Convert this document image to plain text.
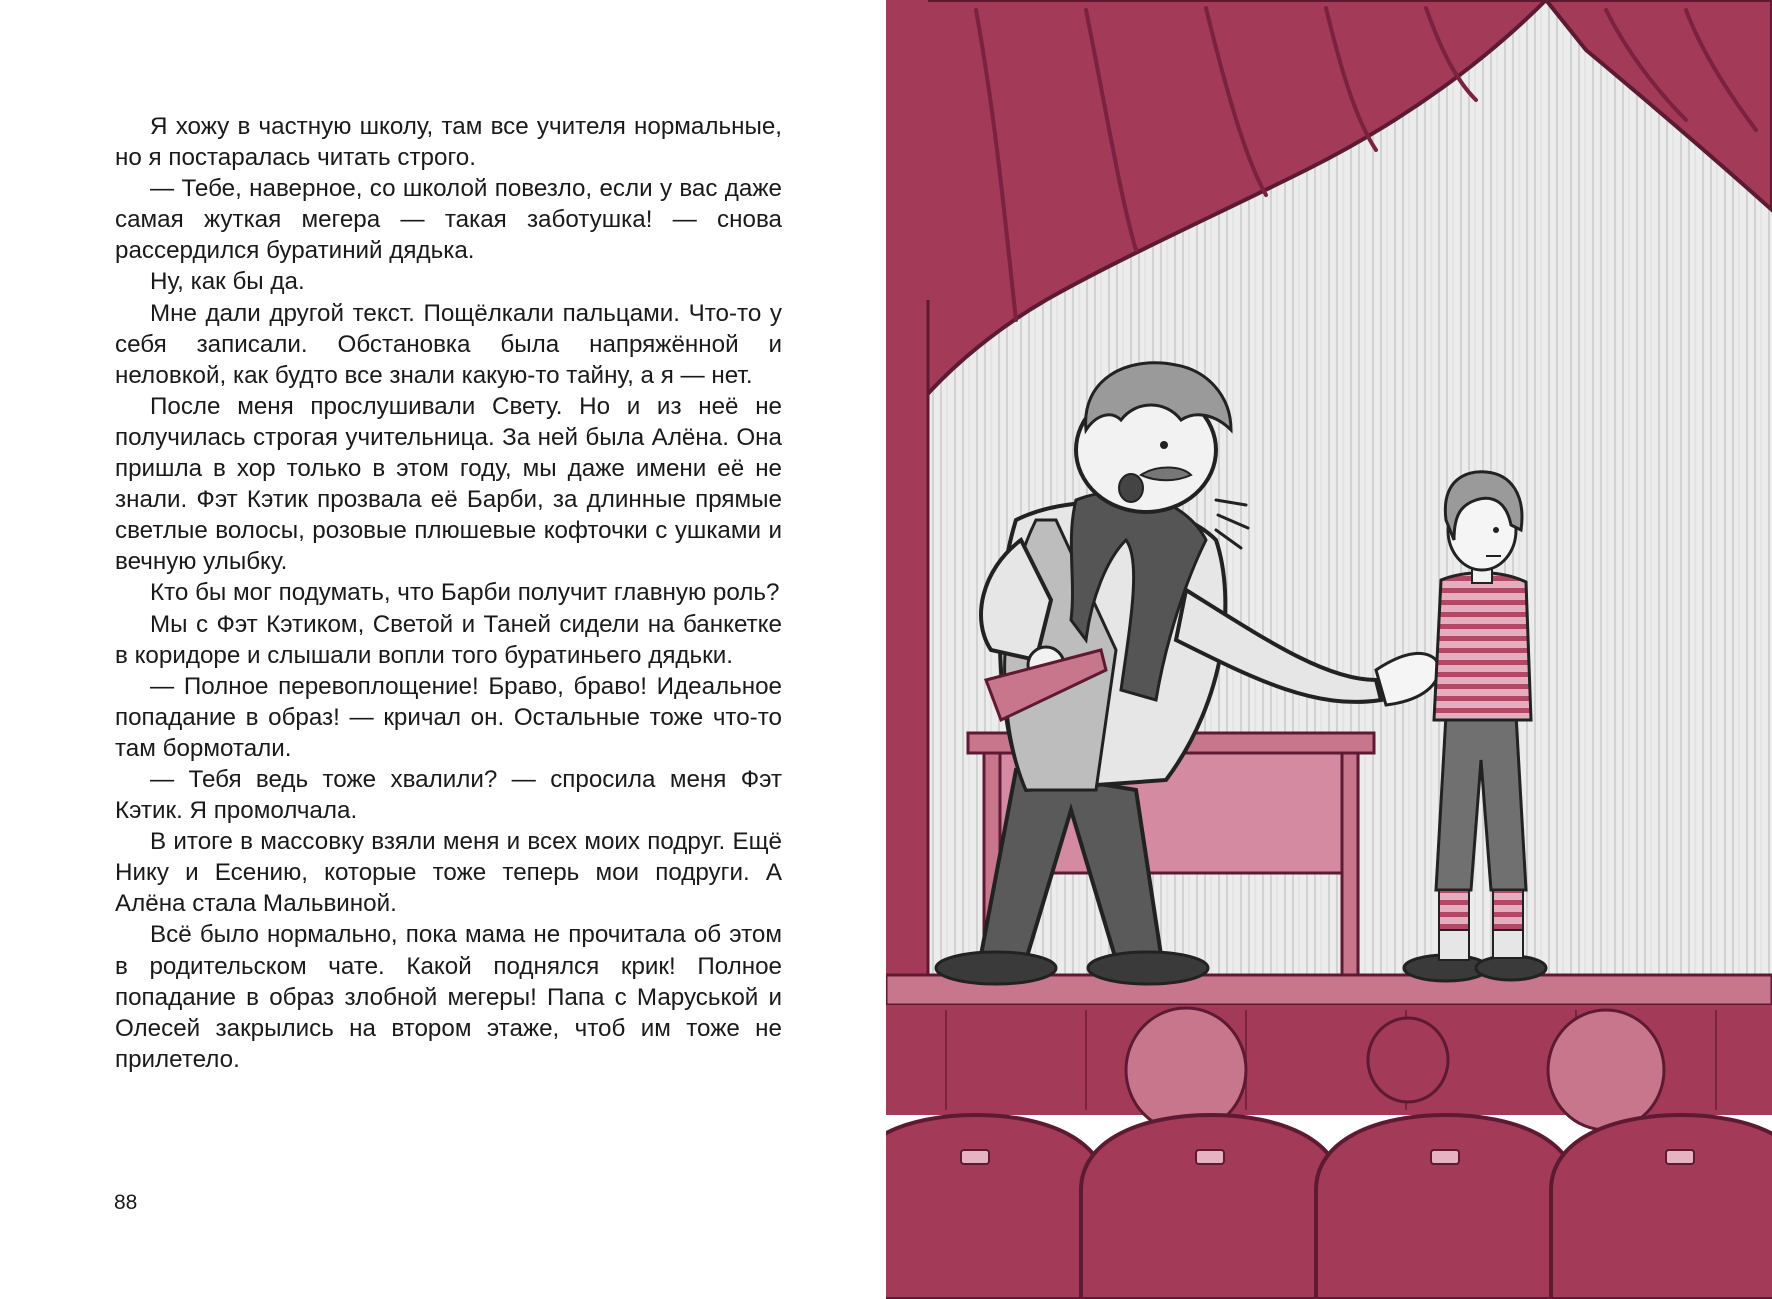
Я хожу в частную школу, там все учителя нормальные, но я постаралась читать строго.

— Тебе, наверное, со школой повезло, если у вас даже самая жуткая мегера — такая заботушка! — снова рассердился буратиний дядька.

Ну, как бы да.

Мне дали другой текст. Пощёлкали пальцами. Что-то у себя записали. Обстановка была напряжённой и неловкой, как будто все знали какую-то тайну, а я — нет.

После меня прослушивали Свету. Но и из неё не получилась строгая учительница. За ней была Алёна. Она пришла в хор только в этом году, мы даже имени её не знали. Фэт Кэтик прозвала её Барби, за длинные прямые светлые волосы, розовые плюшевые кофточки с ушками и вечную улыбку.

Кто бы мог подумать, что Барби получит главную роль?

Мы с Фэт Кэтиком, Светой и Таней сидели на банкетке в коридоре и слышали вопли того буратиньего дядьки.

— Полное перевоплощение! Браво, браво! Идеальное попадание в образ! — кричал он. Остальные тоже что-то там бормотали.

— Тебя ведь тоже хвалили? — спросила меня Фэт Кэтик. Я промолчала.

В итоге в массовку взяли меня и всех моих подруг. Ещё Нику и Есению, которые тоже теперь мои подруги. А Алёна стала Мальвиной.

Всё было нормально, пока мама не прочитала об этом в родительском чате. Какой поднялся крик! Полное попадание в образ злобной мегеры! Папа с Маруськой и Олесей закрылись на втором этаже, чтоб им тоже не прилетело.

88
